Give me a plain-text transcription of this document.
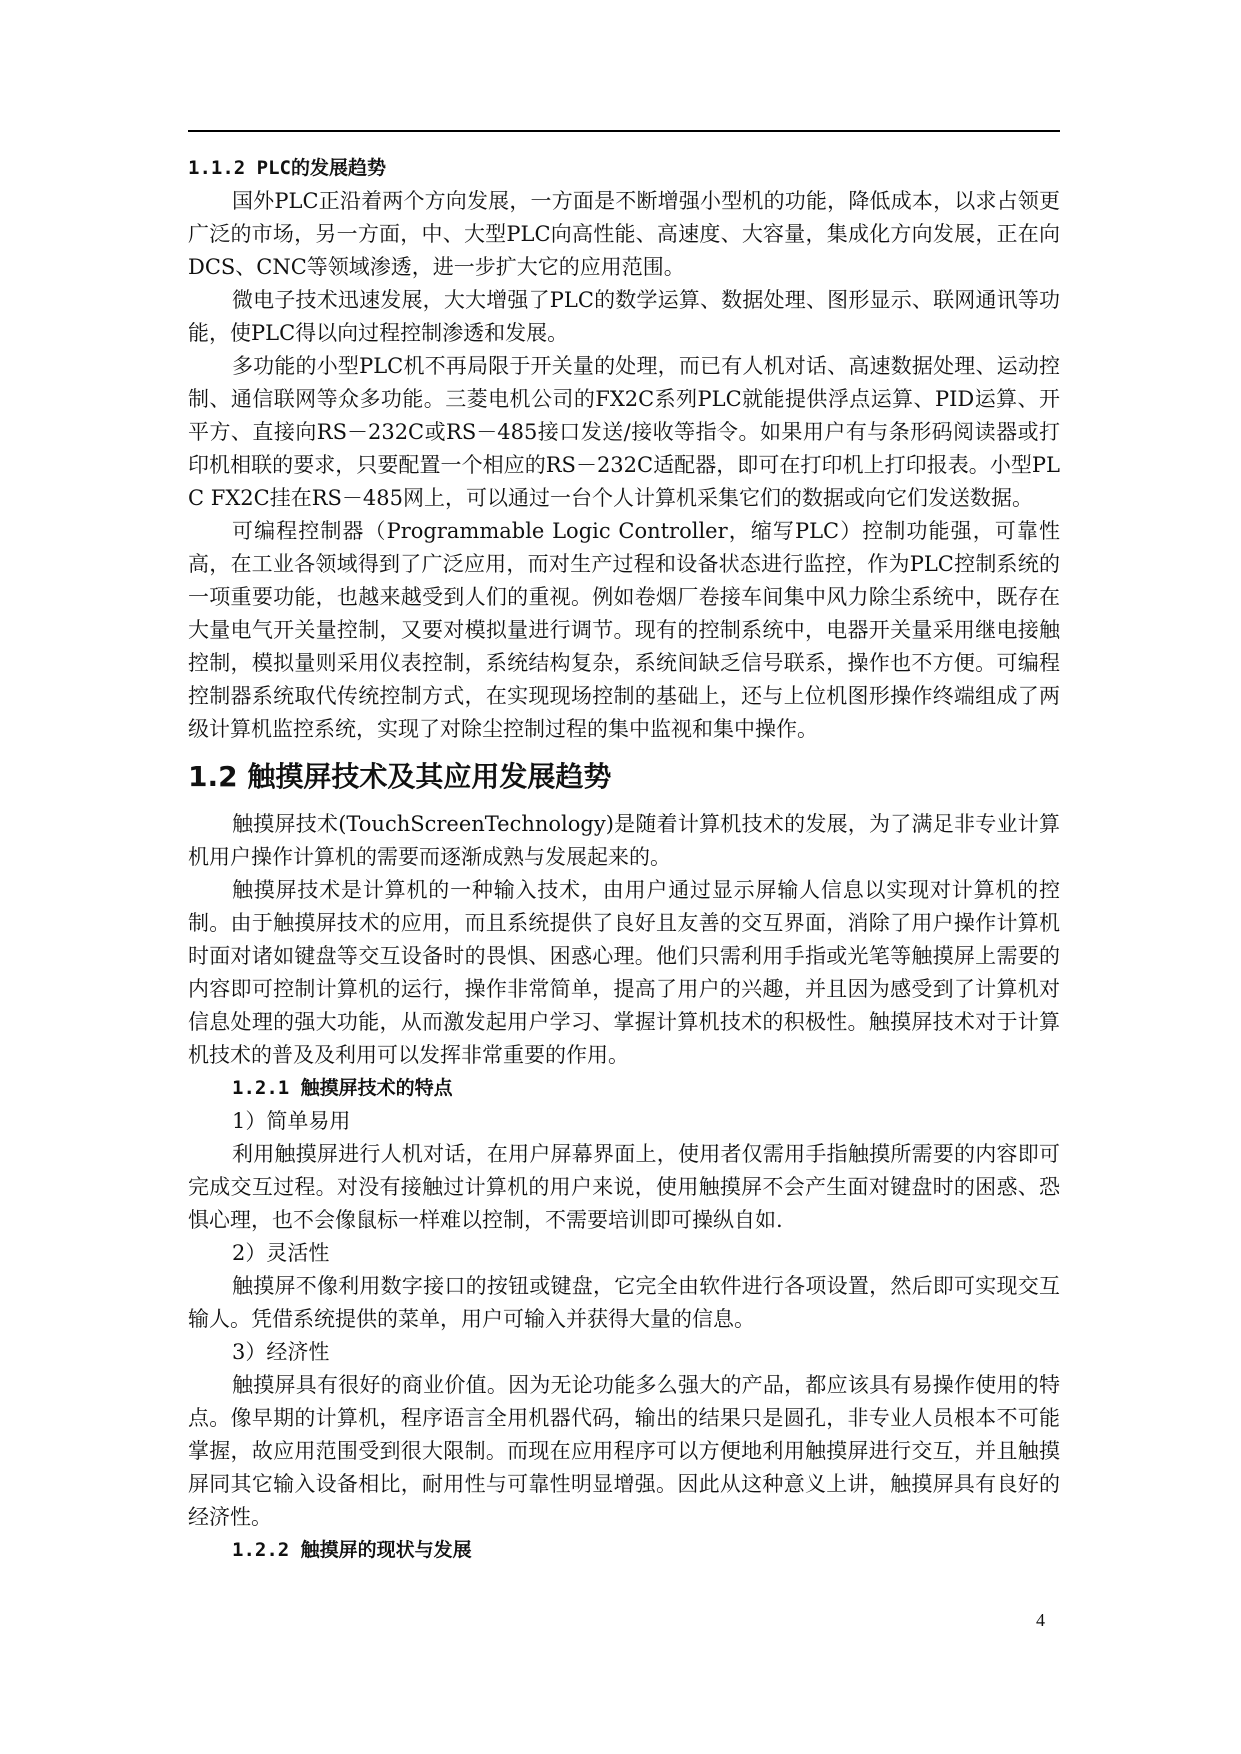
1.1.2 PLC的发展趋势

国外PLC正沿着两个方向发展，一方面是不断增强小型机的功能，降低成本，以求占领更广泛的市场，另一方面，中、大型PLC向高性能、高速度、大容量，集成化方向发展，正在向DCS、CNC等领域渗透，进一步扩大它的应用范围。

微电子技术迅速发展，大大增强了PLC的数学运算、数据处理、图形显示、联网通讯等功能，使PLC得以向过程控制渗透和发展。

多功能的小型PLC机不再局限于开关量的处理，而已有人机对话、高速数据处理、运动控制、通信联网等众多功能。三菱电机公司的FX2C系列PLC就能提供浮点运算、PID运算、开平方、直接向RS－232C或RS－485接口发送/接收等指令。如果用户有与条形码阅读器或打印机相联的要求，只要配置一个相应的RS－232C适配器，即可在打印机上打印报表。小型PLC FX2C挂在RS－485网上，可以通过一台个人计算机采集它们的数据或向它们发送数据。

可编程控制器（Programmable Logic Controller，缩写PLC）控制功能强，可靠性高，在工业各领域得到了广泛应用，而对生产过程和设备状态进行监控，作为PLC控制系统的一项重要功能，也越来越受到人们的重视。例如卷烟厂卷接车间集中风力除尘系统中，既存在大量电气开关量控制，又要对模拟量进行调节。现有的控制系统中，电器开关量采用继电接触控制，模拟量则采用仪表控制，系统结构复杂，系统间缺乏信号联系，操作也不方便。可编程控制器系统取代传统控制方式，在实现现场控制的基础上，还与上位机图形操作终端组成了两级计算机监控系统，实现了对除尘控制过程的集中监视和集中操作。

1.2 触摸屏技术及其应用发展趋势

触摸屏技术(TouchScreenTechnology)是随着计算机技术的发展，为了满足非专业计算机用户操作计算机的需要而逐渐成熟与发展起来的。

触摸屏技术是计算机的一种输入技术，由用户通过显示屏输人信息以实现对计算机的控制。由于触摸屏技术的应用，而且系统提供了良好且友善的交互界面，消除了用户操作计算机时面对诸如键盘等交互设备时的畏惧、困惑心理。他们只需利用手指或光笔等触摸屏上需要的内容即可控制计算机的运行，操作非常简单，提高了用户的兴趣，并且因为感受到了计算机对信息处理的强大功能，从而激发起用户学习、掌握计算机技术的积极性。触摸屏技术对于计算机技术的普及及利用可以发挥非常重要的作用。

1.2.1 触摸屏技术的特点

1）简单易用

利用触摸屏进行人机对话，在用户屏幕界面上，使用者仅需用手指触摸所需要的内容即可完成交互过程。对没有接触过计算机的用户来说，使用触摸屏不会产生面对键盘时的困惑、恐惧心理，也不会像鼠标一样难以控制，不需要培训即可操纵自如.

2）灵活性

触摸屏不像利用数字接口的按钮或键盘，它完全由软件进行各项设置，然后即可实现交互输人。凭借系统提供的菜单，用户可输入并获得大量的信息。

3）经济性

触摸屏具有很好的商业价值。因为无论功能多么强大的产品，都应该具有易操作使用的特点。像早期的计算机，程序语言全用机器代码，输出的结果只是圆孔，非专业人员根本不可能掌握，故应用范围受到很大限制。而现在应用程序可以方便地利用触摸屏进行交互，并且触摸屏同其它输入设备相比，耐用性与可靠性明显增强。因此从这种意义上讲，触摸屏具有良好的经济性。

1.2.2 触摸屏的现状与发展
4
